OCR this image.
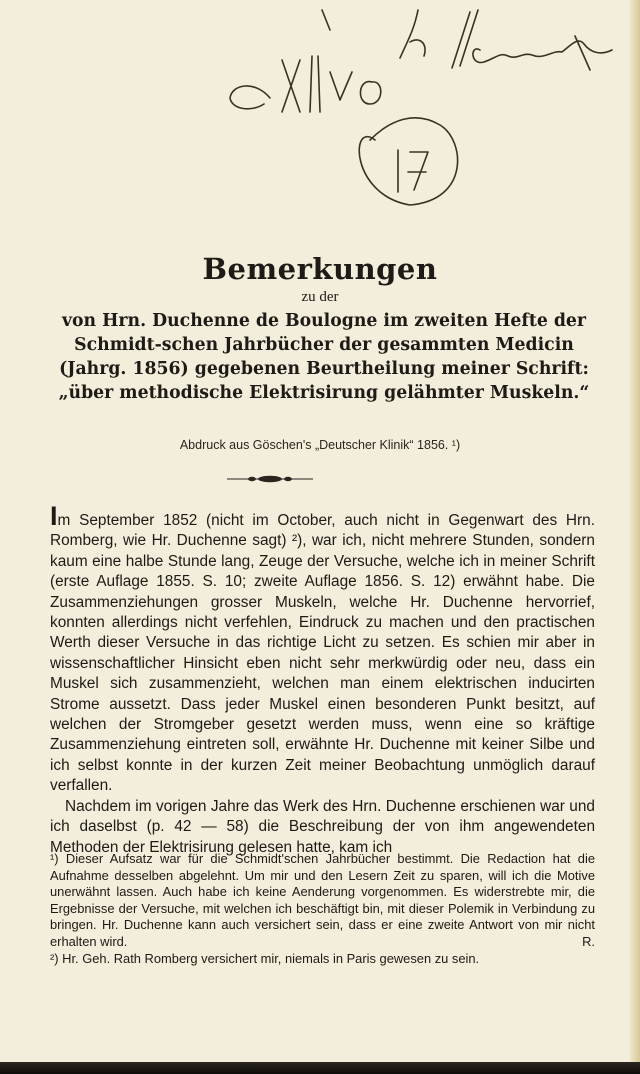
Bemerkungen

zu der

von Hrn. Duchenne de Boulogne im zweiten Hefte der Schmidt-schen Jahrbücher der gesammten Medicin (Jahrg. 1856) gegebenen Beurtheilung meiner Schrift: „über methodische Elektrisirung gelähmter Muskeln.“

Abdruck aus Göschen's „Deutscher Klinik“ 1856. ¹)

Im September 1852 (nicht im October, auch nicht in Gegenwart des Hrn. Romberg, wie Hr. Duchenne sagt) ²), war ich, nicht mehrere Stunden, sondern kaum eine halbe Stunde lang, Zeuge der Versuche, welche ich in meiner Schrift (erste Auflage 1855. S. 10; zweite Auflage 1856. S. 12) erwähnt habe. Die Zusammenziehungen grosser Muskeln, welche Hr. Duchenne hervorrief, konnten allerdings nicht verfehlen, Eindruck zu machen und den practischen Werth dieser Versuche in das richtige Licht zu setzen. Es schien mir aber in wissenschaftlicher Hinsicht eben nicht sehr merkwürdig oder neu, dass ein Muskel sich zusammenzieht, welchen man einem elektrischen inducirten Strome aussetzt. Dass jeder Muskel einen besonderen Punkt besitzt, auf welchen der Stromgeber gesetzt werden muss, wenn eine so kräftige Zusammenziehung eintreten soll, erwähnte Hr. Duchenne mit keiner Silbe und ich selbst konnte in der kurzen Zeit meiner Beobachtung unmöglich darauf verfallen.

Nachdem im vorigen Jahre das Werk des Hrn. Duchenne erschienen war und ich daselbst (p. 42 — 58) die Beschreibung der von ihm angewendeten Methoden der Elektrisirung gelesen hatte, kam ich

¹) Dieser Aufsatz war für die Schmidt'schen Jahrbücher bestimmt. Die Redaction hat die Aufnahme desselben abgelehnt. Um mir und den Lesern Zeit zu sparen, will ich die Motive unerwähnt lassen. Auch habe ich keine Aenderung vorgenommen. Es widerstrebte mir, die Ergebnisse der Versuche, mit welchen ich beschäftigt bin, mit dieser Polemik in Verbindung zu bringen. Hr. Duchenne kann auch versichert sein, dass er eine zweite Antwort von mir nicht erhalten wird.	R.

²) Hr. Geh. Rath Romberg versichert mir, niemals in Paris gewesen zu sein.
